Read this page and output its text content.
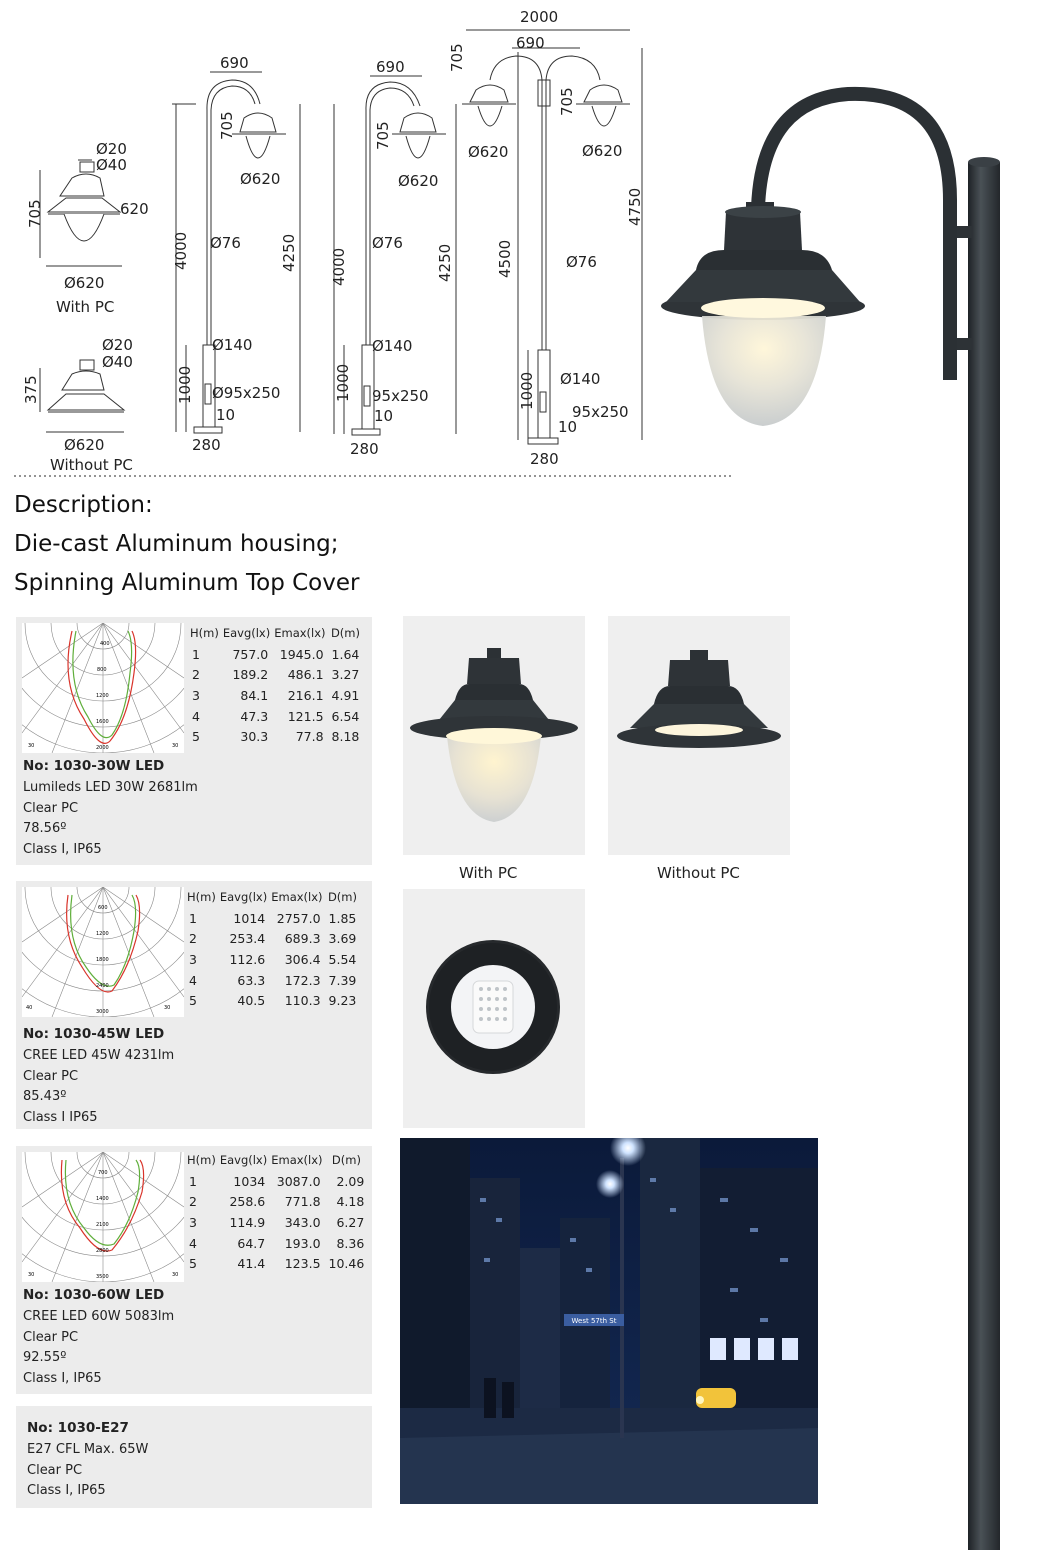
Ø20
Ø40
705	620
Ø620
With PC
Ø20
Ø40
375
Ø620
Without PC
690
705
Ø620
Ø76
4000	4250
Ø140
1000 Ø95x250
10
280
690
705
Ø620
Ø76
4000	4250
Ø140
1000 95x250
10
280
2000
690
705
705
Ø620	Ø620
4750
4500	Ø76
Ø140
1000
95x250
10
280
Description:
Die-cast Aluminum housing;
Spinning Aluminum Top Cover
400
800
1200
1600
2000
30	30
H(m)	Eavg(lx)	Emax(lx)	D(m)
1	757.0	1945.0	1.64
2	189.2	486.1	3.27
3	84.1	216.1	4.91
4	47.3	121.5	6.54
5	30.3	77.8	8.18
No: 1030-30W LED
Lumileds LED 30W 2681lm
Clear PC
78.56º
Class I, IP65
600
1200
1800
2400
3000
40	30
H(m)	Eavg(lx)	Emax(lx)	D(m)
1	1014	2757.0	1.85
2	253.4	689.3	3.69
3	112.6	306.4	5.54
4	63.3	172.3	7.39
5	40.5	110.3	9.23
No: 1030-45W LED
CREE LED 45W 4231lm
Clear PC
85.43º
Class I IP65
700
1400
2100
2800
3500
30	30
H(m)	Eavg(lx)	Emax(lx)	D(m)
1	1034	3087.0	2.09
2	258.6	771.8	4.18
3	114.9	343.0	6.27
4	64.7	193.0	8.36
5	41.4	123.5	10.46
No: 1030-60W LED
CREE LED 60W 5083lm
Clear PC
92.55º
Class I, IP65
No: 1030-E27
E27 CFL Max. 65W
Clear PC
Class I, IP65
With PC	Without PC
West 57th St
